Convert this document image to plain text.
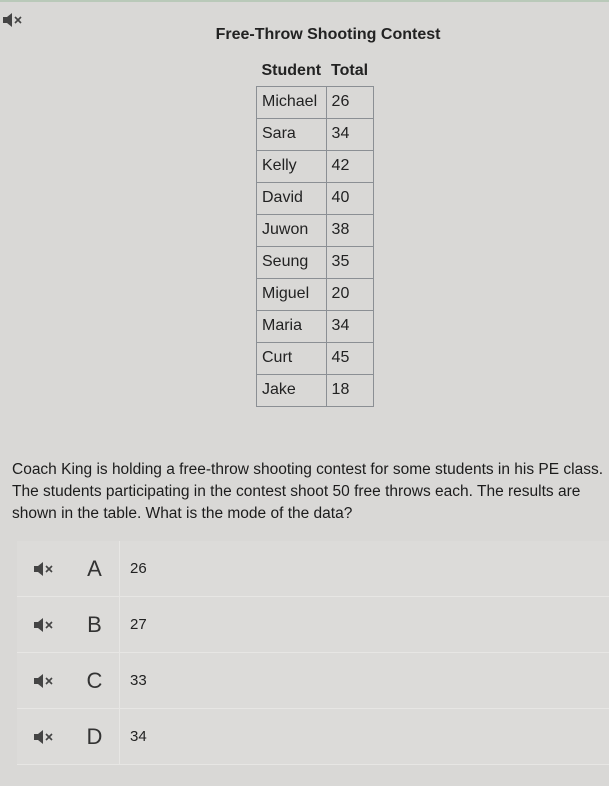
Free-Throw Shooting Contest
Student	Total
Michael	26
Sara	34
Kelly	42
David	40
Juwon	38
Seung	35
Miguel	20
Maria	34
Curt	45
Jake	18
Coach King is holding a free-throw shooting contest for some students in his PE class. The students participating in the contest shoot 50 free throws each. The results are shown in the table. What is the mode of the data?
A	26
B	27
C	33
D	34
